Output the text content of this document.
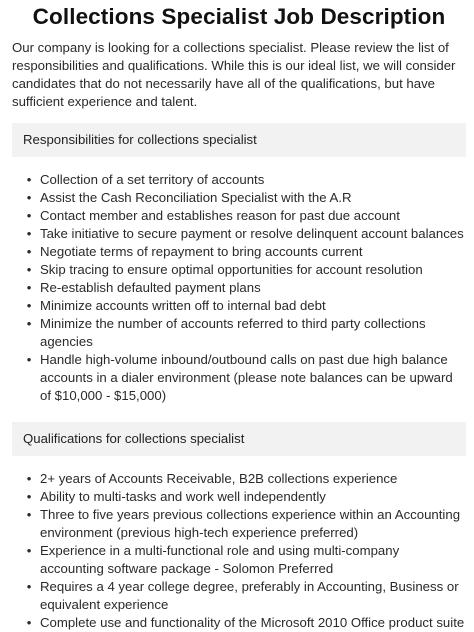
Collections Specialist Job Description

Our company is looking for a collections specialist. Please review the list of responsibilities and qualifications. While this is our ideal list, we will consider candidates that do not necessarily have all of the qualifications, but have sufficient experience and talent.

Responsibilities for collections specialist
• Collection of a set territory of accounts
• Assist the Cash Reconciliation Specialist with the A.R
• Contact member and establishes reason for past due account
• Take initiative to secure payment or resolve delinquent account balances
• Negotiate terms of repayment to bring accounts current
• Skip tracing to ensure optimal opportunities for account resolution
• Re-establish defaulted payment plans
• Minimize accounts written off to internal bad debt
• Minimize the number of accounts referred to third party collections agencies
• Handle high-volume inbound/outbound calls on past due high balance accounts in a dialer environment (please note balances can be upward of $10,000 - $15,000)
Qualifications for collections specialist
• 2+ years of Accounts Receivable, B2B collections experience
• Ability to multi-tasks and work well independently
• Three to five years previous collections experience within an Accounting environment (previous high-tech experience preferred)
• Experience in a multi-functional role and using multi-company accounting software package - Solomon Preferred
• Requires a 4 year college degree, preferably in Accounting, Business or equivalent experience
• Complete use and functionality of the Microsoft 2010 Office product suite
